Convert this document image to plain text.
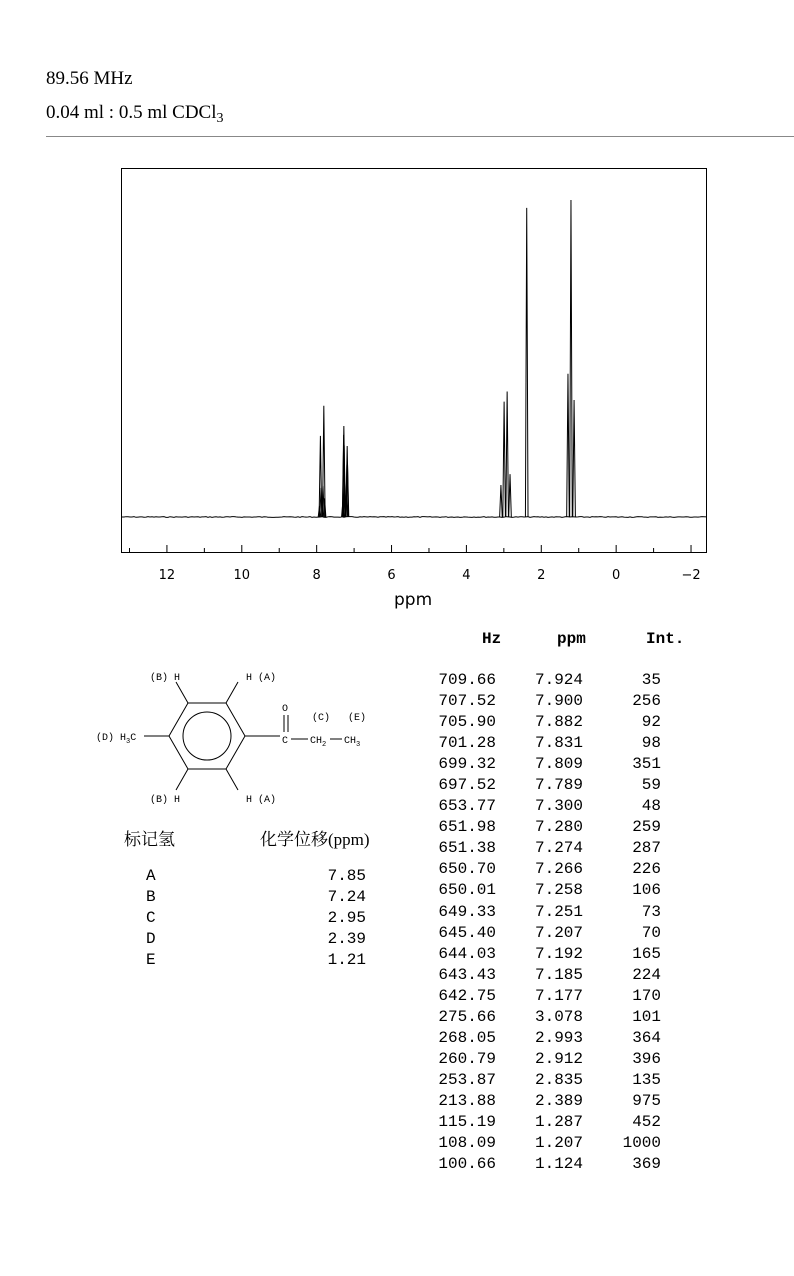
89.56 MHz
0.04 ml : 0.5 ml CDCl$_3$
12	10	8	6	4	2	0	−2
ppm
Hz	ppm	Int.
709.66 7.924	35
707.52 7.900	256
705.90 7.882	92
701.28 7.831	98
699.32 7.809	351
697.52 7.789	59
653.77 7.300	48
651.98 7.280	259
651.38 7.274	287
650.70 7.266	226
650.01 7.258	106
649.33 7.251	73
645.40 7.207	70
644.03 7.192	165
643.43 7.185	224
642.75 7.177	170
275.66 3.078	101
268.05 2.993	364
260.79 2.912	396
253.87 2.835	135
213.88 2.389	975
115.19 1.287	452
108.09 1.207 1000
100.66 1.124	369
(B) H	H (A)
(B) H	H (A)
(D) $H_3C$
O
C
(C) (E)
$CH_2$ $CH_3$
标记氢	化学位移(ppm)
A	7.85
B	7.24
C	2.95
D	2.39
E	1.21
